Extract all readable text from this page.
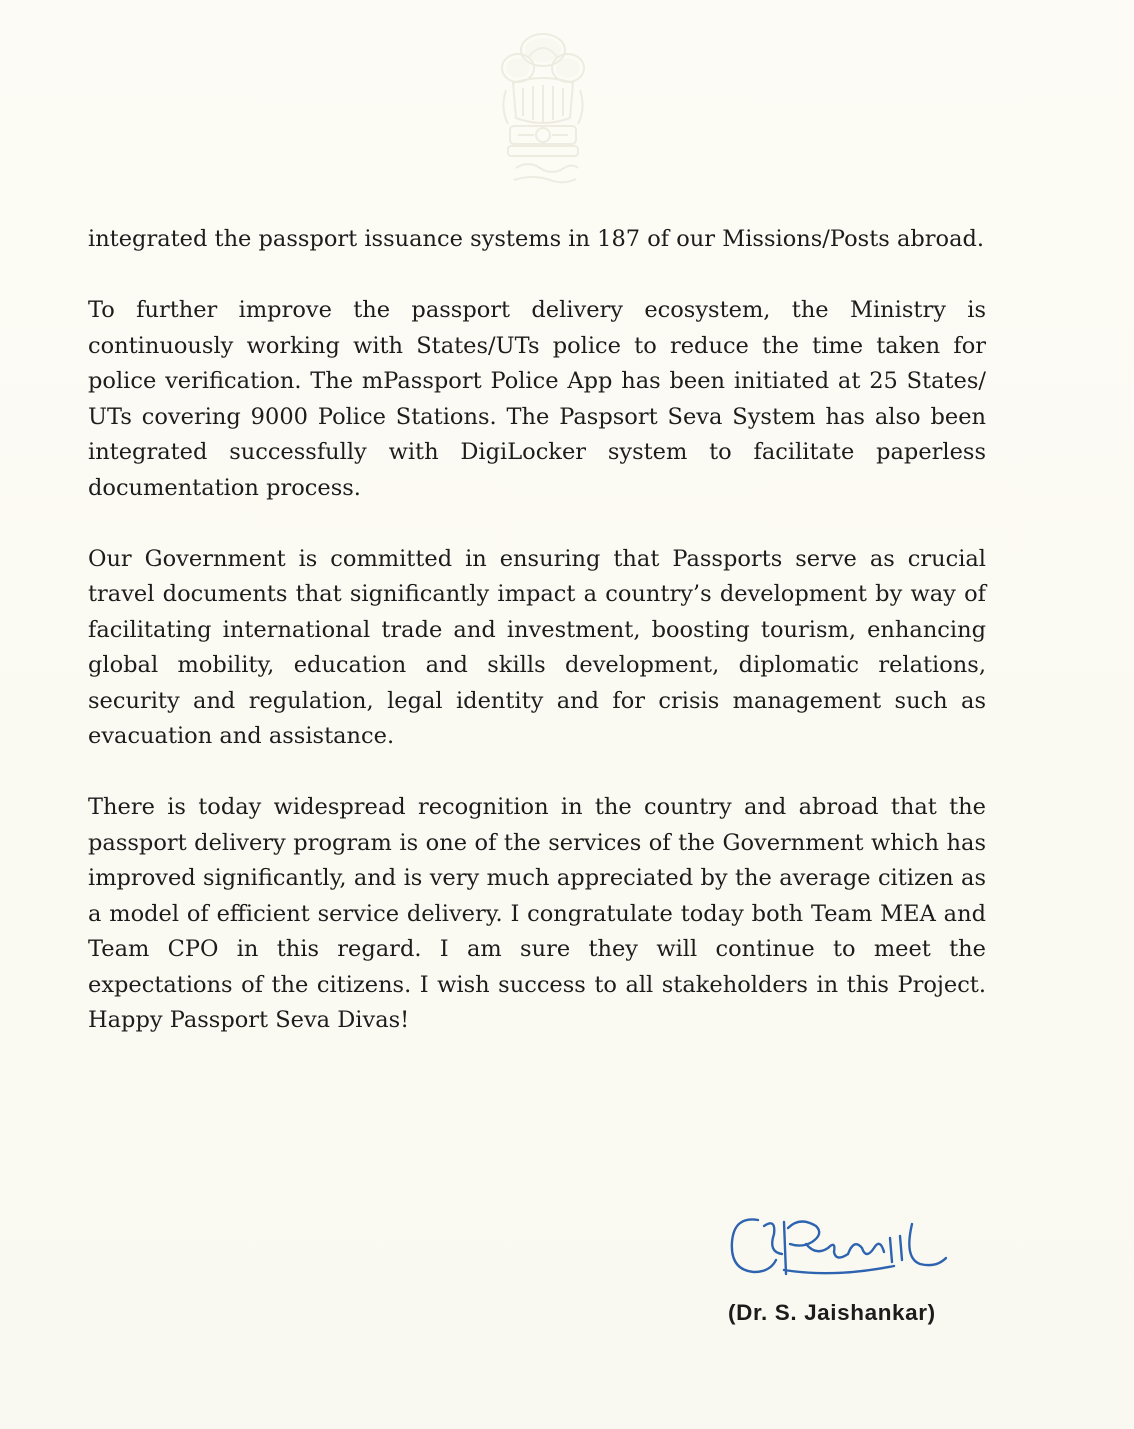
integrated the passport issuance systems in 187 of our Missions/Posts abroad.

To further improve the passport delivery ecosystem, the Ministry is continuously working with States/UTs police to reduce the time taken for police verification. The mPassport Police App has been initiated at 25 States/ UTs covering 9000 Police Stations. The Paspsort Seva System has also been integrated successfully with DigiLocker system to facilitate paperless documentation process.

Our Government is committed in ensuring that Passports serve as crucial travel documents that significantly impact a country’s development by way of facilitating international trade and investment, boosting tourism, enhancing global mobility, education and skills development, diplomatic relations, security and regulation, legal identity and for crisis management such as evacuation and assistance.

There is today widespread recognition in the country and abroad that the passport delivery program is one of the services of the Government which has improved significantly, and is very much appreciated by the average citizen as a model of efficient service delivery. I congratulate today both Team MEA and Team CPO in this regard. I am sure they will continue to meet the expectations of the citizens. I wish success to all stakeholders in this Project. Happy Passport Seva Divas!

(Dr. S. Jaishankar)
